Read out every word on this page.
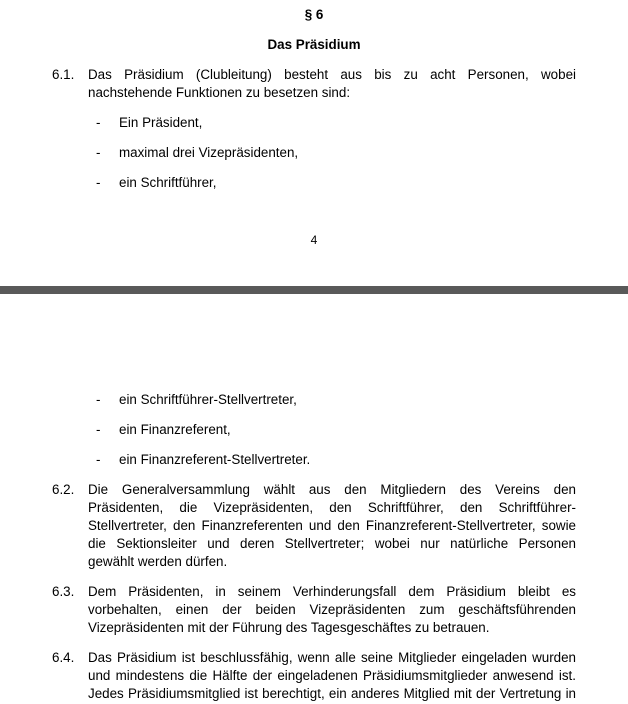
§ 6
Das Präsidium
6.1. Das Präsidium (Clubleitung) besteht aus bis zu acht Personen, wobei
nachstehende Funktionen zu besetzen sind:
- Ein Präsident,
- maximal drei Vizepräsidenten,
- ein Schriftführer,
4
- ein Schriftführer-Stellvertreter,
- ein Finanzreferent,
- ein Finanzreferent-Stellvertreter.
6.2. Die Generalversammlung wählt aus den Mitgliedern des Vereins den
Präsidenten, die Vizepräsidenten, den Schriftführer, den Schriftführer-
Stellvertreter, den Finanzreferenten und den Finanzreferent-Stellvertreter, sowie
die Sektionsleiter und deren Stellvertreter; wobei nur natürliche Personen
gewählt werden dürfen.
6.3. Dem Präsidenten, in seinem Verhinderungsfall dem Präsidium bleibt es
vorbehalten, einen der beiden Vizepräsidenten zum geschäftsführenden
Vizepräsidenten mit der Führung des Tagesgeschäftes zu betrauen.
6.4. Das Präsidium ist beschlussfähig, wenn alle seine Mitglieder eingeladen wurden
und mindestens die Hälfte der eingeladenen Präsidiumsmitglieder anwesend ist.
Jedes Präsidiumsmitglied ist berechtigt, ein anderes Mitglied mit der Vertretung in
